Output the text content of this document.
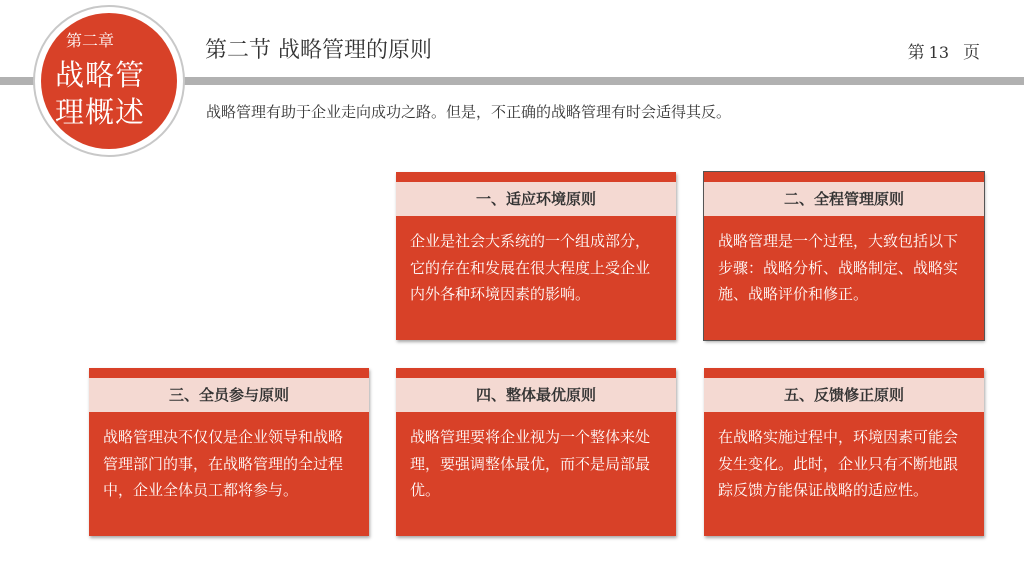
第二章
战略管理概述
第二节 战略管理的原则	第 13 页
战略管理有助于企业走向成功之路。但是，不正确的战略管理有时会适得其反。
一、适应环境原则
企业是社会大系统的一个组成部分，它的存在和发展在很大程度上受企业内外各种环境因素的影响。
二、全程管理原则
战略管理是一个过程，大致包括以下步骤：战略分析、战略制定、战略实施、战略评价和修正。
三、全员参与原则
战略管理决不仅仅是企业领导和战略管理部门的事，在战略管理的全过程中，企业全体员工都将参与。
四、整体最优原则
战略管理要将企业视为一个整体来处理，要强调整体最优，而不是局部最优。
五、反馈修正原则
在战略实施过程中，环境因素可能会发生变化。此时，企业只有不断地跟踪反馈方能保证战略的适应性。
